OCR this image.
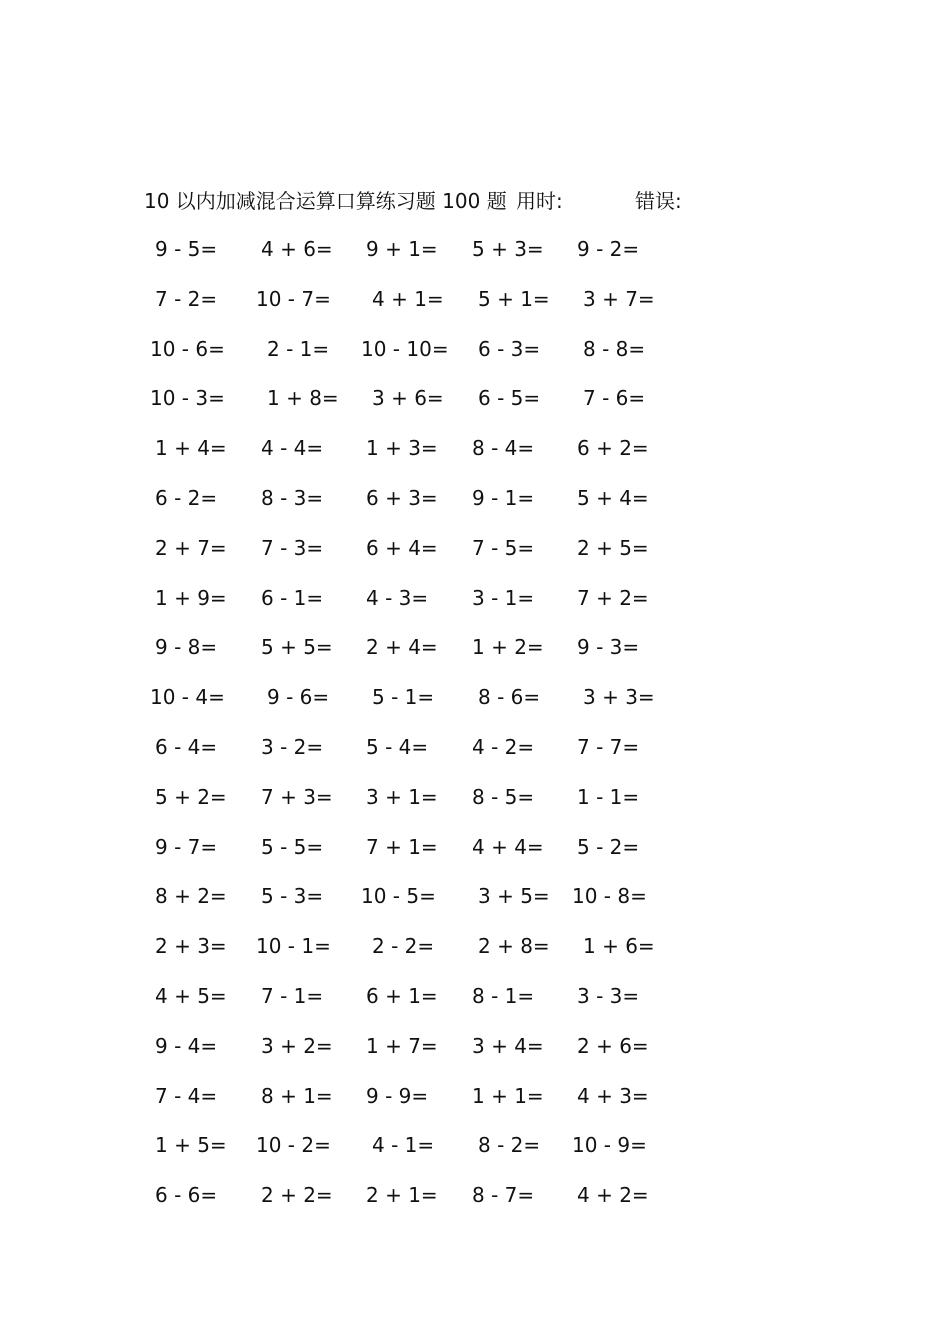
10 以内加减混合运算口算练习题 100 题 用时:	错误:
9 - 5= 4 + 6= 9 + 1= 5 + 3= 9 - 2=
7 - 2= 10 - 7= 4 + 1= 5 + 1= 3 + 7=
10 - 6= 2 - 1= 10 - 10= 6 - 3= 8 - 8=
10 - 3= 1 + 8= 3 + 6= 6 - 5= 7 - 6=
1 + 4= 4 - 4= 1 + 3= 8 - 4= 6 + 2=
6 - 2= 8 - 3= 6 + 3= 9 - 1= 5 + 4=
2 + 7= 7 - 3= 6 + 4= 7 - 5= 2 + 5=
1 + 9= 6 - 1= 4 - 3= 3 - 1= 7 + 2=
9 - 8= 5 + 5= 2 + 4= 1 + 2= 9 - 3=
10 - 4= 9 - 6= 5 - 1= 8 - 6= 3 + 3=
6 - 4= 3 - 2= 5 - 4= 4 - 2= 7 - 7=
5 + 2= 7 + 3= 3 + 1= 8 - 5= 1 - 1=
9 - 7= 5 - 5= 7 + 1= 4 + 4= 5 - 2=
8 + 2= 5 - 3= 10 - 5= 3 + 5= 10 - 8=
2 + 3= 10 - 1= 2 - 2= 2 + 8= 1 + 6=
4 + 5= 7 - 1= 6 + 1= 8 - 1= 3 - 3=
9 - 4= 3 + 2= 1 + 7= 3 + 4= 2 + 6=
7 - 4= 8 + 1= 9 - 9= 1 + 1= 4 + 3=
1 + 5= 10 - 2= 4 - 1= 8 - 2= 10 - 9=
6 - 6= 2 + 2= 2 + 1= 8 - 7= 4 + 2=
